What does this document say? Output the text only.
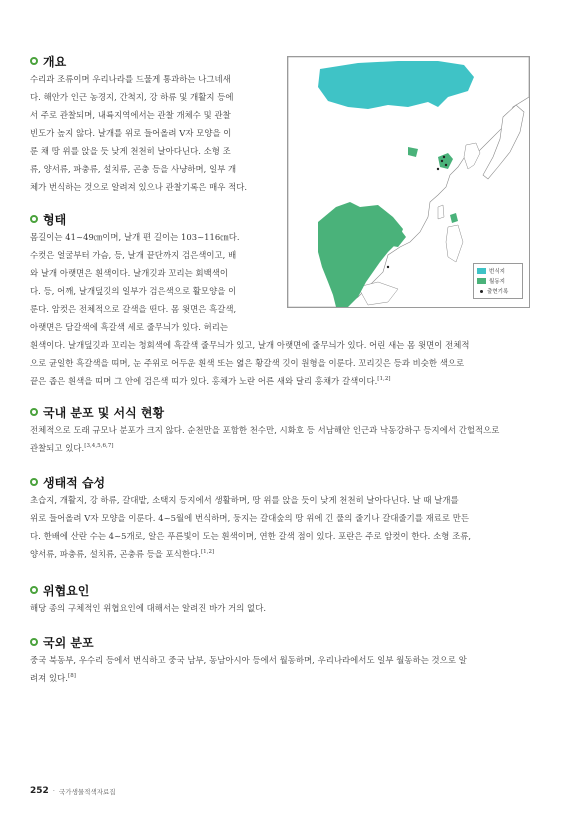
개요
수리과 조류이며 우리나라를 드물게 통과하는 나그네새
다. 해안가 인근 농경지, 간척지, 강 하류 및 개활지 등에
서 주로 관찰되며, 내륙지역에서는 관찰 개체수 및 관찰
빈도가 높지 않다. 날개를 위로 들어올려 V자 모양을 이
룬 채 땅 위를 앉을 듯 낮게 천천히 날아다닌다. 소형 조
류, 양서류, 파충류, 설치류, 곤충 등을 사냥하며, 일부 개
체가 번식하는 것으로 알려져 있으나 관찰기록은 매우 적다.
형태
몸길이는 41~49㎝이며, 날개 편 길이는 103~116㎝다.
수컷은 얼굴부터 가슴, 등, 날개 끝단까지 검은색이고, 배
와 날개 아랫면은 흰색이다. 날개깃과 꼬리는 회백색이
다. 등, 어깨, 날개덮깃의 일부가 검은색으로 활모양을 이
룬다. 암컷은 전체적으로 갈색을 띤다. 몸 윗면은 흑갈색,
아랫면은 담갈색에 흑갈색 세로 줄무늬가 있다. 허리는
흰색이다. 날개덮깃과 꼬리는 청회색에 흑갈색 줄무늬가 있고, 날개 아랫면에 줄무늬가 있다. 어린 새는 몸 윗면이 전체적
으로 균일한 흑갈색을 띠며, 눈 주위로 어두운 흰색 또는 엷은 황갈색 깃이 원형을 이룬다. 꼬리깃은 등과 비슷한 색으로
끝은 좁은 흰색을 띠며 그 안에 검은색 띠가 있다. 홍채가 노란 어른 새와 달리 홍채가 갈색이다.[1,2]
국내 분포 및 서식 현황
전체적으로 도래 규모나 분포가 크지 않다. 순천만을 포함한 천수만, 시화호 등 서남해안 인근과 낙동강하구 등지에서 간헐적으로
관찰되고 있다.[3,4,5,6,7]
생태적 습성
초습지, 개활지, 강 하류, 갈대밭, 소택지 등지에서 생활하며, 땅 위를 앉을 듯이 낮게 천천히 날아다닌다. 날 때 날개를
위로 들어올려 V자 모양을 이룬다. 4~5월에 번식하며, 둥지는 갈대숲의 땅 위에 긴 풀의 줄기나 갈대줄기를 재료로 만든
다. 한배에 산란 수는 4~5개로, 알은 푸른빛이 도는 흰색이며, 연한 갈색 점이 있다. 포란은 주로 암컷이 한다. 소형 조류,
양서류, 파충류, 설치류, 곤충류 등을 포식한다.[1,2]
위협요인
해당 종의 구체적인 위협요인에 대해서는 알려진 바가 거의 없다.
국외 분포
중국 북동부, 우수리 등에서 번식하고 중국 남부, 동남아시아 등에서 월동하며, 우리나라에서도 일부 월동하는 것으로 알
려져 있다.[8]
번식지
월동지
출현기록
252 · 국가생물적색자료집
